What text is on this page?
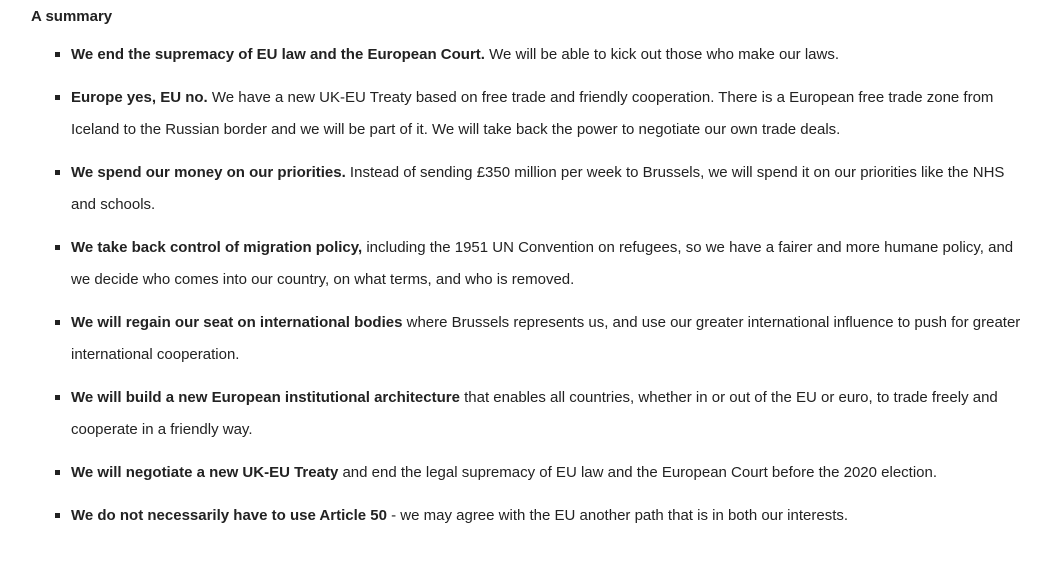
A summary
We end the supremacy of EU law and the European Court. We will be able to kick out those who make our laws.
Europe yes, EU no. We have a new UK-EU Treaty based on free trade and friendly cooperation. There is a European free trade zone from Iceland to the Russian border and we will be part of it. We will take back the power to negotiate our own trade deals.
We spend our money on our priorities. Instead of sending £350 million per week to Brussels, we will spend it on our priorities like the NHS and schools.
We take back control of migration policy, including the 1951 UN Convention on refugees, so we have a fairer and more humane policy, and we decide who comes into our country, on what terms, and who is removed.
We will regain our seat on international bodies where Brussels represents us, and use our greater international influence to push for greater international cooperation.
We will build a new European institutional architecture that enables all countries, whether in or out of the EU or euro, to trade freely and cooperate in a friendly way.
We will negotiate a new UK-EU Treaty and end the legal supremacy of EU law and the European Court before the 2020 election.
We do not necessarily have to use Article 50 - we may agree with the EU another path that is in both our interests.
